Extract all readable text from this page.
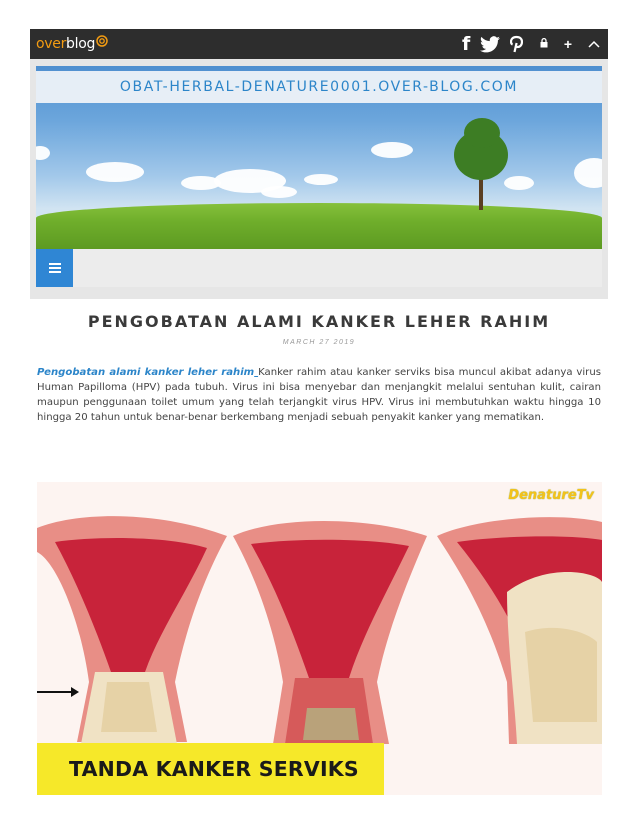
over blog	f	+
OBAT-HERBAL-DENATURE0001.OVER-BLOG.COM
PENGOBATAN ALAMI KANKER LEHER RAHIM
MARCH 27 2019
Pengobatan alami kanker leher rahim Kanker rahim atau kanker serviks bisa muncul akibat adanya virus Human Papilloma (HPV) pada tubuh. Virus ini bisa menyebar dan menjangkit melalui sentuhan kulit, cairan maupun penggunaan toilet umum yang telah terjangkit virus HPV. Virus ini membutuhkan waktu hingga 10 hingga 20 tahun untuk benar-benar berkembang menjadi sebuah penyakit kanker yang mematikan.
DenatureTv
TANDA KANKER SERVIKS
